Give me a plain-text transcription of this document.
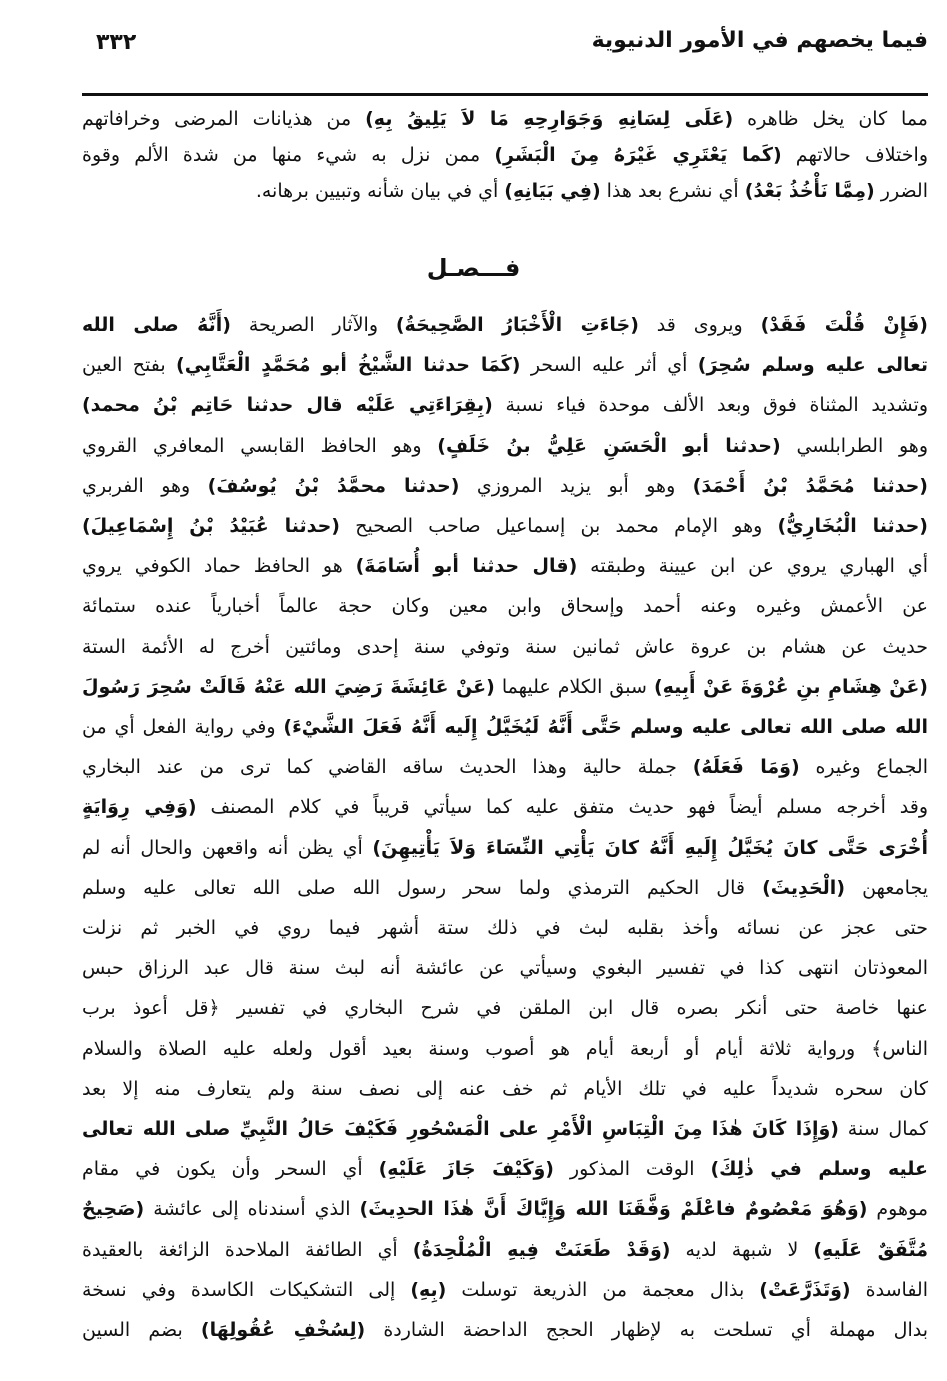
فيما يخصهم في الأمور الدنيوية
٣٣٢
مما كان يخل ظاهره (عَلَى لِسَانِهِ وَجَوَارِحِهِ مَا لاَ يَلِيقُ بِهِ) من هذيانات المرضى وخرافاتهم
واختلاف حالاتهم (كَما يَعْتَرِي غَيْرَهُ مِنَ الْبَشَرِ) ممن نزل به شيء منها من شدة الألم وقوة
الضرر (مِمَّا نَأْخُذُ بَعْدُ) أي نشرع بعد هذا (فِي بَيَانِهِ) أي في بيان شأنه وتبيين برهانه.
فـــصـل
(فَإِنْ قُلْتَ فَقَدْ) ويروى قد (جَاءَتِ الْأَخْبَارُ الصَّحِيحَةُ) والآثار الصريحة (أَنَّهُ صلى الله
تعالى عليه وسلم سُحِرَ) أي أثر عليه السحر (كَمَا حدثنا الشَّيْخُ أبو مُحَمَّدٍ الْعَتَّابِي) بفتح العين
وتشديد المثناة فوق وبعد الألف موحدة فياء نسبة (بِقِرَاءَتِي عَلَيْه قال حدثنا حَاتِم بْنُ محمد)
وهو الطرابلسي (حدثنا أبو الْحَسَنِ عَلِيُّ بنُ خَلَفٍ) وهو الحافظ القابسي المعافري القروي
(حدثنا مُحَمَّدُ بْنُ أَحْمَدَ) وهو أبو يزيد المروزي (حدثنا محمَّدُ بْنُ يُوسُفَ) وهو الفربري
(حدثنا الْبُخَارِيُّ) وهو الإمام محمد بن إسماعيل صاحب الصحيح (حدثنا عُبَيْدُ بْنُ إِسْمَاعِيلَ)
أي الهباري يروي عن ابن عيينة وطبقته (قال حدثنا أبو أُسَامَةَ) هو الحافظ حماد الكوفي يروي
عن الأعمش وغيره وعنه أحمد وإسحاق وابن معين وكان حجة عالماً أخبارياً عنده ستمائة
حديث عن هشام بن عروة عاش ثمانين سنة وتوفي سنة إحدى ومائتين أخرج له الأئمة الستة
(عَنْ هِشَامِ بنِ عُرْوَةَ عَنْ أَبِيهِ) سبق الكلام عليهما (عَنْ عَائِشَةَ رَضِيَ الله عَنْهُ قَالَتْ سُحِرَ رَسُولَ
الله صلى الله تعالى عليه وسلم حَتَّى أَنَّهُ لَيُخَيَّلُ إِلَيه أَنَّهُ فَعَلَ الشَّيْءَ) وفي رواية الفعل أي من
الجماع وغيره (وَمَا فَعَلَهُ) جملة حالية وهذا الحديث ساقه القاضي كما ترى من عند البخاري
وقد أخرجه مسلم أيضاً فهو حديث متفق عليه كما سيأتي قريباً في كلام المصنف (وَفِي رِوَايَةٍ
أُخْرَى حَتَّى كانَ يُخَيَّلُ إِلَيهِ أَنَّهُ كانَ يَأْتِي النِّسَاءَ وَلاَ يَأْتِيهِنَ) أي يظن أنه واقعهن والحال أنه لم
يجامعهن (الْحَدِيثَ) قال الحكيم الترمذي ولما سحر رسول الله صلى الله تعالى عليه وسلم
حتى عجز عن نسائه وأخذ بقلبه لبث في ذلك ستة أشهر فيما روي في الخبر ثم نزلت
المعوذتان انتهى كذا في تفسير البغوي وسيأتي عن عائشة أنه لبث سنة قال عبد الرزاق حبس
عنها خاصة حتى أنكر بصره قال ابن الملقن في شرح البخاري في تفسير ﴿قل أعوذ برب
الناس﴾ ورواية ثلاثة أيام أو أربعة أيام هو أصوب وسنة بعيد أقول ولعله عليه الصلاة والسلام
كان سحره شديداً عليه في تلك الأيام ثم خف عنه إلى نصف سنة ولم يتعارف منه إلا بعد
كمال سنة (وَإِذَا كَانَ هٰذَا مِنَ الْتِبَاسِ الْأَمْرِ على الْمَسْحُورِ فَكَيْفَ حَالُ النَّبِيِّ صلى الله تعالى
عليه وسلم في ذٰلِكَ) الوقت المذكور (وَكَيْفَ جَازَ عَلَيْهِ) أي السحر وأن يكون في مقام
موهوم (وَهُوَ مَعْصُومٌ فاعْلَمْ وَفَّقَنَا الله وَإِيَّاكَ أَنَّ هٰذَا الحدِيثَ) الذي أسندناه إلى عائشة (صَحِيحٌ
مُتَّفَقٌ عَلَيهِ) لا شبهة لديه (وَقَدْ طَعَنَتْ فِيهِ الْمُلْحِدَةُ) أي الطائفة الملاحدة الزائغة بالعقيدة
الفاسدة (وَتَذَرَّعَتْ) بذال معجمة من الذريعة توسلت (بِهِ) إلى التشكيكات الكاسدة وفي نسخة
بدال مهملة أي تسلحت به لإظهار الحجج الداحضة الشاردة (لِسُخْفِ عُقُولِهَا) بضم السين
